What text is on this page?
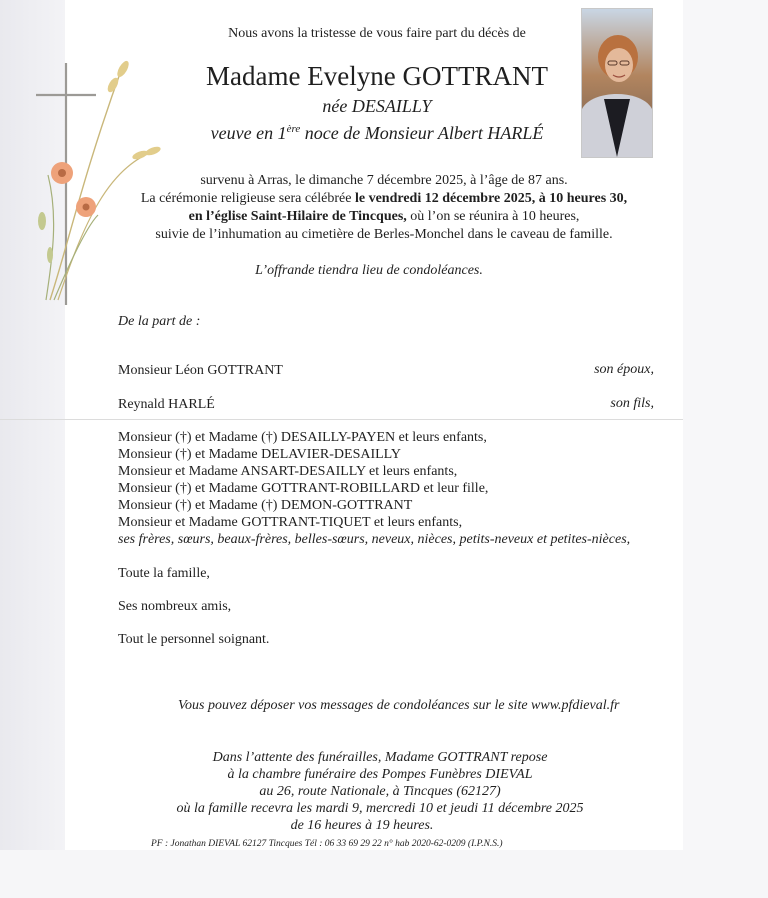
Nous avons la tristesse de vous faire part du décès de
Madame Evelyne GOTTRANT
née DESAILLY
veuve en 1ère noce de Monsieur Albert HARLÉ
survenu à Arras, le dimanche 7 décembre 2025, à l’âge de 87 ans.
La cérémonie religieuse sera célébrée le vendredi 12 décembre 2025, à 10 heures 30,
en l’église Saint-Hilaire de Tincques, où l’on se réunira à 10 heures,
suivie de l’inhumation au cimetière de Berles-Monchel dans le caveau de famille.
L’offrande tiendra lieu de condoléances.
De la part de :
Monsieur Léon GOTTRANT	son époux,
Reynald HARLÉ	son fils,
Monsieur (†) et Madame (†) DESAILLY-PAYEN et leurs enfants,
Monsieur (†) et Madame DELAVIER-DESAILLY
Monsieur et Madame ANSART-DESAILLY et leurs enfants,
Monsieur (†) et Madame GOTTRANT-ROBILLARD et leur fille,
Monsieur (†) et Madame (†) DEMON-GOTTRANT
Monsieur et Madame GOTTRANT-TIQUET et leurs enfants,
ses frères, sœurs, beaux-frères, belles-sœurs, neveux, nièces, petits-neveux et petites-nièces,
Toute la famille,
Ses nombreux amis,
Tout le personnel soignant.
Vous pouvez déposer vos messages de condoléances sur le site www.pfdieval.fr
Dans l’attente des funérailles, Madame GOTTRANT repose
à la chambre funéraire des Pompes Funèbres DIEVAL
au 26, route Nationale, à Tincques (62127)
où la famille recevra les mardi 9, mercredi 10 et jeudi 11 décembre 2025
de 16 heures à 19 heures.
PF : Jonathan DIEVAL 62127 Tincques Tél : 06 33 69 29 22 n° hab 2020-62-0209 (I.P.N.S.)
